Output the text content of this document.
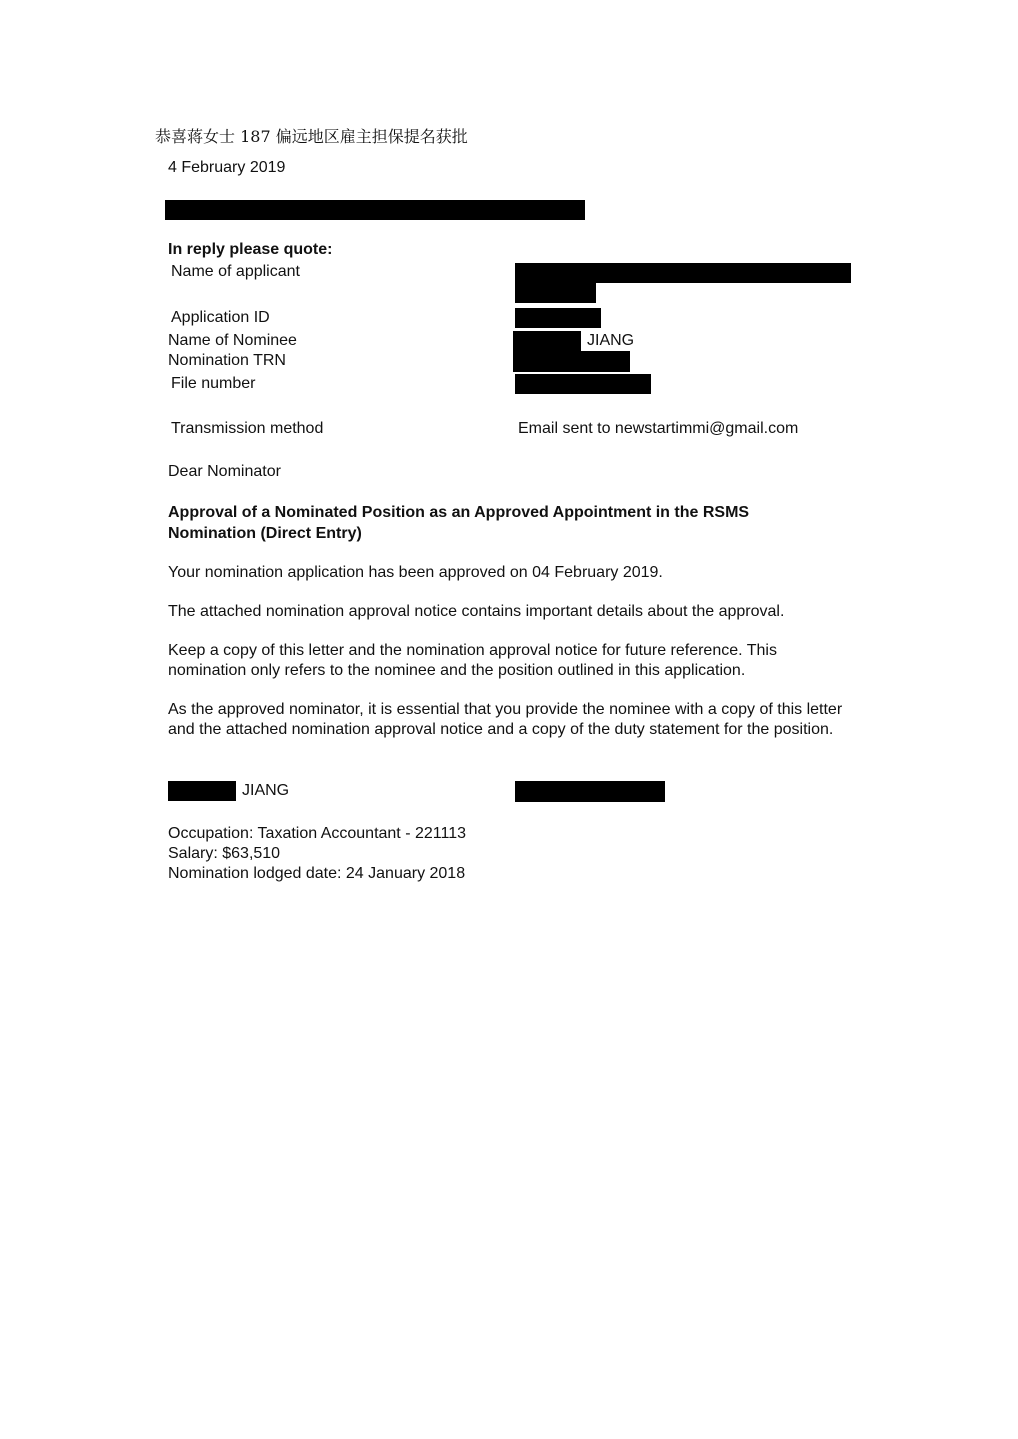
恭喜蒋女士 187 偏远地区雇主担保提名获批
4 February 2019
In reply please quote:
Name of applicant
Application ID
Name of Nominee	JIANG
Nomination TRN
File number
Transmission method	Email sent to newstartimmi@gmail.com
Dear Nominator
Approval of a Nominated Position as an Approved Appointment in the RSMS
Nomination (Direct Entry)
Your nomination application has been approved on 04 February 2019.
The attached nomination approval notice contains important details about the approval.
Keep a copy of this letter and the nomination approval notice for future reference. This nomination only refers to the nominee and the position outlined in this application.
As the approved nominator, it is essential that you provide the nominee with a copy of this letter and the attached nomination approval notice and a copy of the duty statement for the position.
JIANG
Occupation: Taxation Accountant - 221113
Salary: $63,510
Nomination lodged date: 24 January 2018
